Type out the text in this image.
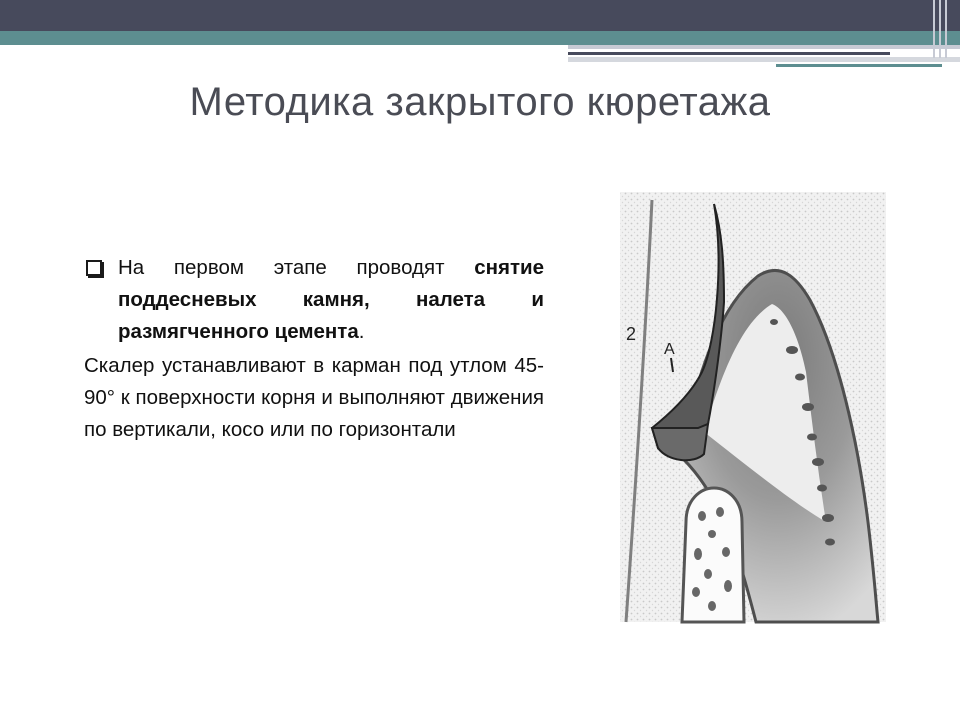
Методика закрытого кюретажа
На первом этапе проводят снятие поддесневых камня, налета и размягченного цемента.
Скалер устанавливают в карман под утлом 45-90° к поверхности корня и выполняют движения по вертикали, косо или по горизонтали
2
A
